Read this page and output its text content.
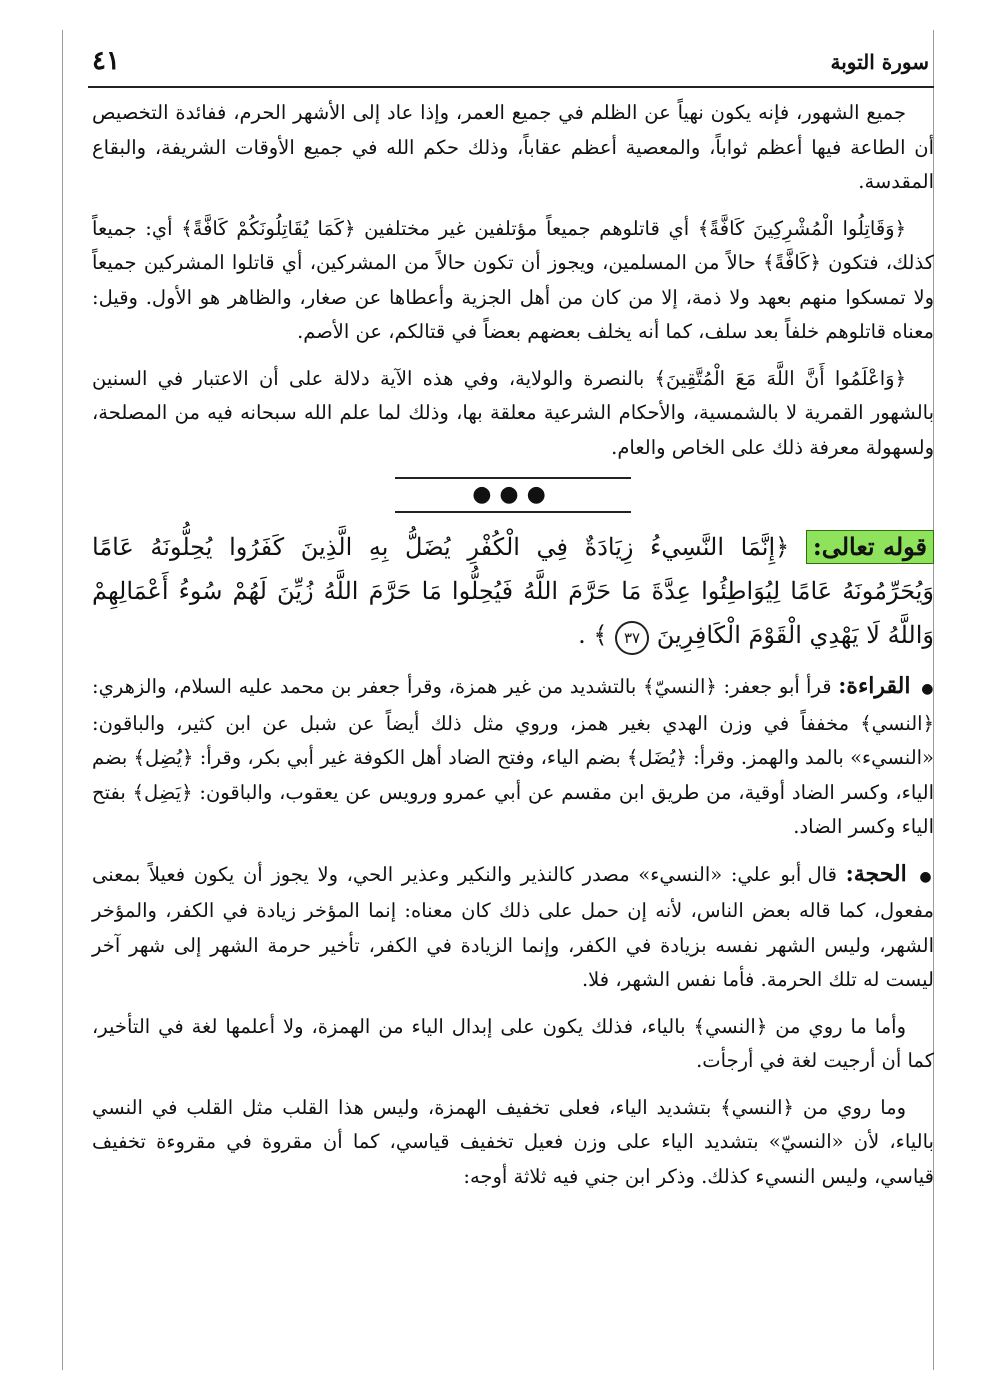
٤١	سورة التوبة

جميع الشهور، فإنه يكون نهياً عن الظلم في جميع العمر، وإذا عاد إلى الأشهر الحرم، ففائدة التخصيص أن الطاعة فيها أعظم ثواباً، والمعصية أعظم عقاباً، وذلك حكم الله في جميع الأوقات الشريفة، والبقاع المقدسة.

﴿وَقَاتِلُوا الْمُشْرِكِينَ كَافَّةً﴾ أي قاتلوهم جميعاً مؤتلفين غير مختلفين ﴿كَمَا يُقَاتِلُونَكُمْ كَافَّةً﴾ أي: جميعاً كذلك، فتكون ﴿كَافَّةً﴾ حالاً من المسلمين، ويجوز أن تكون حالاً من المشركين، أي قاتلوا المشركين جميعاً ولا تمسكوا منهم بعهد ولا ذمة، إلا من كان من أهل الجزية وأعطاها عن صغار، والظاهر هو الأول. وقيل: معناه قاتلوهم خلفاً بعد سلف، كما أنه يخلف بعضهم بعضاً في قتالكم، عن الأصم.

﴿وَاعْلَمُوا أَنَّ اللَّهَ مَعَ الْمُتَّقِينَ﴾ بالنصرة والولاية، وفي هذه الآية دلالة على أن الاعتبار في السنين بالشهور القمرية لا بالشمسية، والأحكام الشرعية معلقة بها، وذلك لما علم الله سبحانه فيه من المصلحة، ولسهولة معرفة ذلك على الخاص والعام.

●●●
قوله تعالى: ﴿إِنَّمَا النَّسِيءُ زِيَادَةٌ فِي الْكُفْرِ يُضَلُّ بِهِ الَّذِينَ كَفَرُوا يُحِلُّونَهُ عَامًا وَيُحَرِّمُونَهُ عَامًا لِيُوَاطِئُوا عِدَّةَ مَا حَرَّمَ اللَّهُ فَيُحِلُّوا مَا حَرَّمَ اللَّهُ زُيِّنَ لَهُمْ سُوءُ أَعْمَالِهِمْ وَاللَّهُ لَا يَهْدِي الْقَوْمَ الْكَافِرِينَ ٣٧ ﴾ .

● القراءة: قرأ أبو جعفر: ﴿النسيّ﴾ بالتشديد من غير همزة، وقرأ جعفر بن محمد عليه السلام، والزهري: ﴿النسي﴾ مخففاً في وزن الهدي بغير همز، وروي مثل ذلك أيضاً عن شبل عن ابن كثير، والباقون: «النسيء» بالمد والهمز. وقرأ: ﴿يُضَل﴾ بضم الياء، وفتح الضاد أهل الكوفة غير أبي بكر، وقرأ: ﴿يُضِل﴾ بضم الياء، وكسر الضاد أوقية، من طريق ابن مقسم عن أبي عمرو ورويس عن يعقوب، والباقون: ﴿يَضِل﴾ بفتح الياء وكسر الضاد.

● الحجة: قال أبو علي: «النسيء» مصدر كالنذير والنكير وعذير الحي، ولا يجوز أن يكون فعيلاً بمعنى مفعول، كما قاله بعض الناس، لأنه إن حمل على ذلك كان معناه: إنما المؤخر زيادة في الكفر، والمؤخر الشهر، وليس الشهر نفسه بزيادة في الكفر، وإنما الزيادة في الكفر، تأخير حرمة الشهر إلى شهر آخر ليست له تلك الحرمة. فأما نفس الشهر، فلا.

وأما ما روي من ﴿النسي﴾ بالياء، فذلك يكون على إبدال الياء من الهمزة، ولا أعلمها لغة في التأخير، كما أن أرجيت لغة في أرجأت.

وما روي من ﴿النسي﴾ بتشديد الياء، فعلى تخفيف الهمزة، وليس هذا القلب مثل القلب في النسي بالياء، لأن «النسيّ» بتشديد الياء على وزن فعيل تخفيف قياسي، كما أن مقروة في مقروءة تخفيف قياسي، وليس النسيء كذلك. وذكر ابن جني فيه ثلاثة أوجه:
